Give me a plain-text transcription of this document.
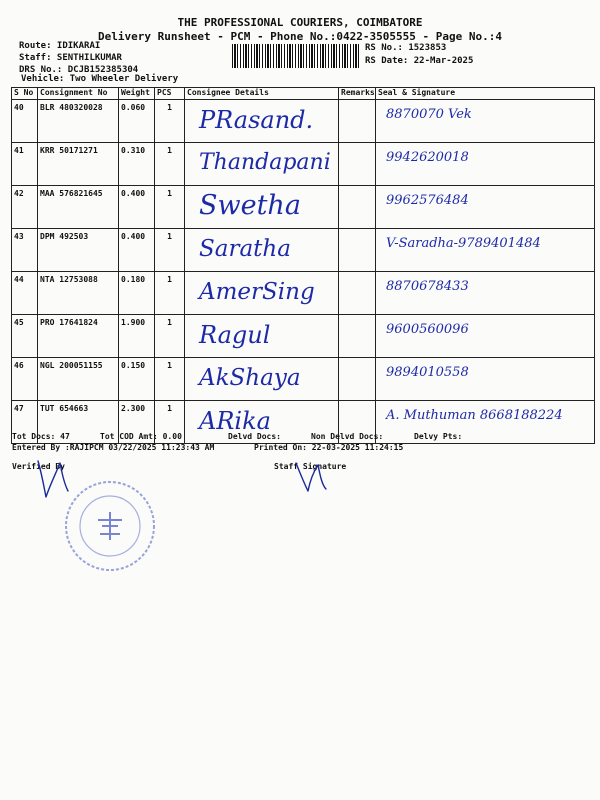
THE PROFESSIONAL COURIERS, COIMBATORE
Delivery Runsheet - PCM - Phone No.:0422-3505555 - Page No.:4
Route: IDIKARAI
Staff: SENTHILKUMAR
DRS No.: DCJB152385304
Vehicle: Two Wheeler Delivery
RS No.: 1523853
RS Date: 22-Mar-2025
S No	Consignment No	Weight	PCS	Consignee Details	Remarks	Seal & Signature
40	BLR 480320028	0.060	1	PRasand.		8870070 Vek
41	KRR 50171271	0.310	1	Thandapani		9942620018
42	MAA 576821645	0.400	1	Swetha		9962576484
43	DPM 492503	0.400	1	Saratha		V-Saradha-9789401484
44	NTA 12753088	0.180	1	AmerSing		8870678433
45	PRO 17641824	1.900	1	Ragul		9600560096
46	NGL 200051155	0.150	1	AkShaya		9894010558
47	TUT 654663	2.300	1	ARika		A. Muthuman 8668188224
Tot Docs: 47	Tot COD Amt: 0.00	Delvd Docs:	Non Delvd Docs:	Delvy Pts:
Entered By :RAJIPCM 03/22/2025 11:23:43 AM	Printed On: 22-03-2025 11:24:15
Verified By	Staff Signature
